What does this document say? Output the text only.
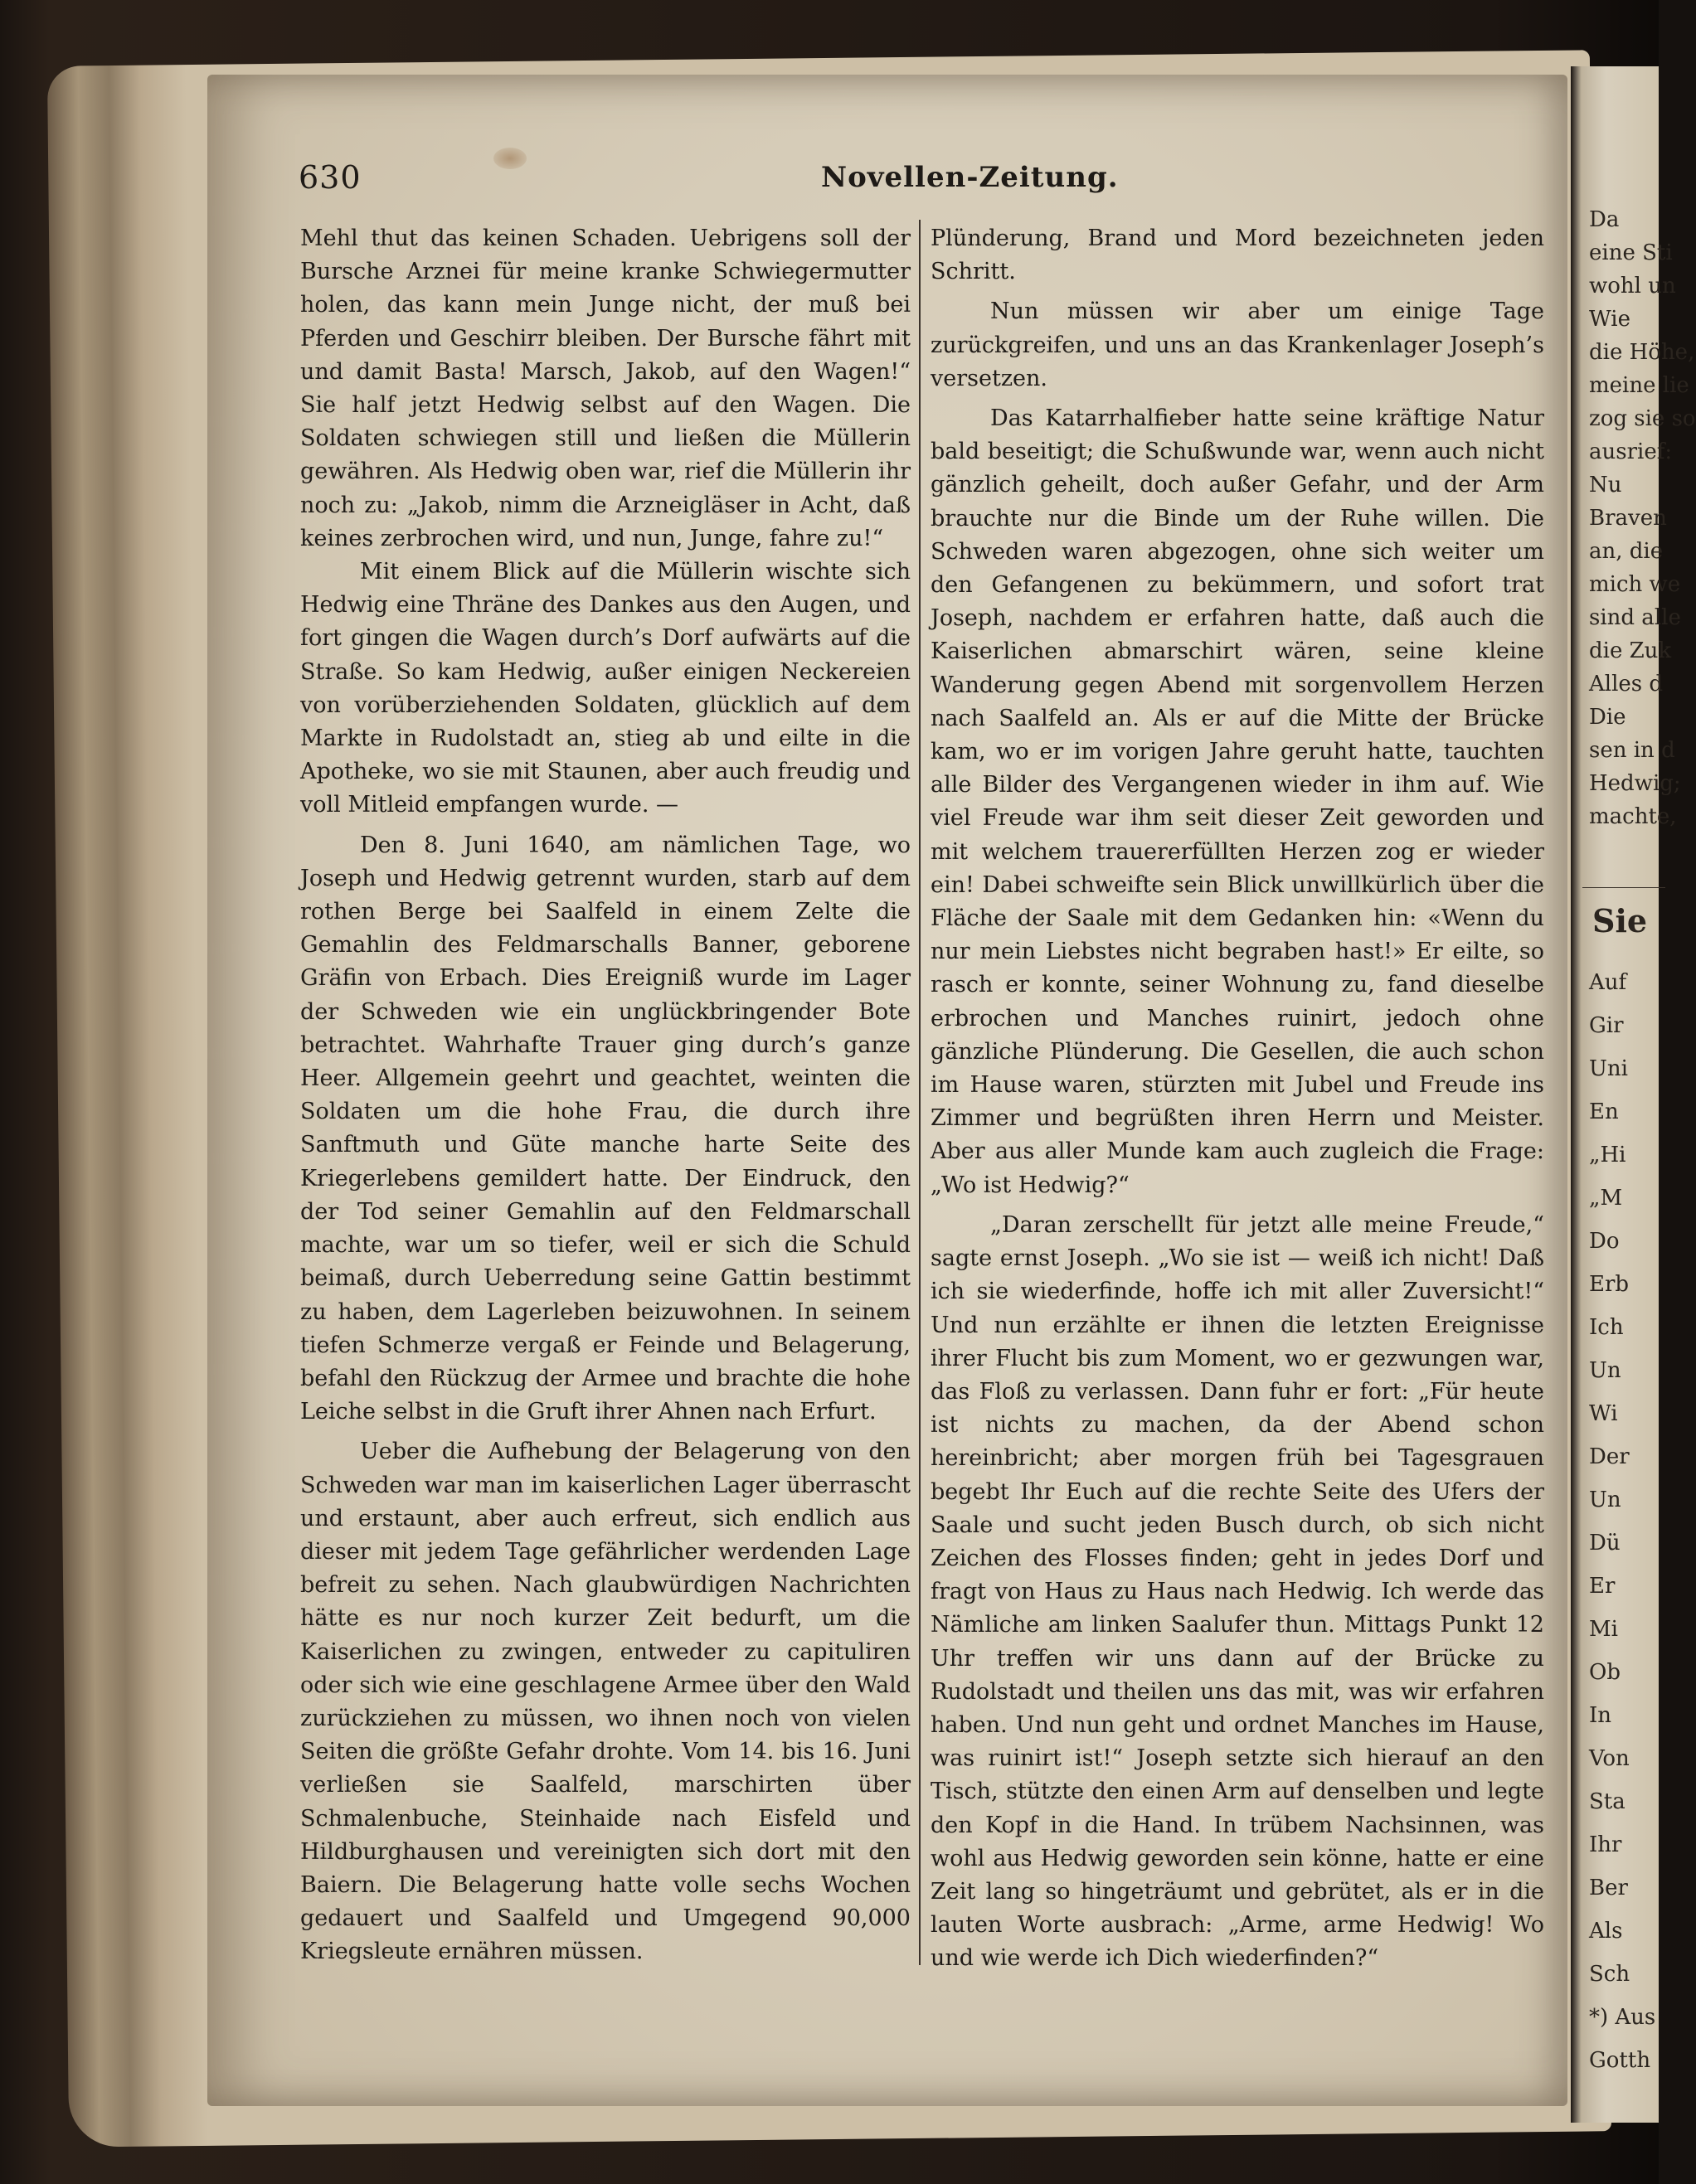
630	Novellen-Zeitung.

Mehl thut das keinen Schaden. Uebrigens soll der Bursche Arznei für meine kranke Schwiegermutter holen, das kann mein Junge nicht, der muß bei Pferden und Geschirr bleiben. Der Bursche fährt mit und damit Basta! Marsch, Jakob, auf den Wagen!“ Sie half jetzt Hedwig selbst auf den Wagen. Die Soldaten schwiegen still und ließen die Müllerin gewähren. Als Hedwig oben war, rief die Müllerin ihr noch zu: „Jakob, nimm die Arzneigläser in Acht, daß keines zerbrochen wird, und nun, Junge, fahre zu!“

Mit einem Blick auf die Müllerin wischte sich Hedwig eine Thräne des Dankes aus den Augen, und fort gingen die Wagen durch’s Dorf aufwärts auf die Straße. So kam Hedwig, außer einigen Neckereien von vorüberziehenden Soldaten, glücklich auf dem Markte in Rudolstadt an, stieg ab und eilte in die Apotheke, wo sie mit Staunen, aber auch freudig und voll Mitleid empfangen wurde. —

Den 8. Juni 1640, am nämlichen Tage, wo Joseph und Hedwig getrennt wurden, starb auf dem rothen Berge bei Saalfeld in einem Zelte die Gemahlin des Feldmarschalls Banner, geborene Gräfin von Erbach. Dies Ereigniß wurde im Lager der Schweden wie ein unglückbringender Bote betrachtet. Wahrhafte Trauer ging durch’s ganze Heer. Allgemein geehrt und geachtet, weinten die Soldaten um die hohe Frau, die durch ihre Sanftmuth und Güte manche harte Seite des Kriegerlebens gemildert hatte. Der Eindruck, den der Tod seiner Gemahlin auf den Feldmarschall machte, war um so tiefer, weil er sich die Schuld beimaß, durch Ueberredung seine Gattin bestimmt zu haben, dem Lagerleben beizuwohnen. In seinem tiefen Schmerze vergaß er Feinde und Belagerung, befahl den Rückzug der Armee und brachte die hohe Leiche selbst in die Gruft ihrer Ahnen nach Erfurt.

Ueber die Aufhebung der Belagerung von den Schweden war man im kaiserlichen Lager überrascht und erstaunt, aber auch erfreut, sich endlich aus dieser mit jedem Tage gefährlicher werdenden Lage befreit zu sehen. Nach glaubwürdigen Nachrichten hätte es nur noch kurzer Zeit bedurft, um die Kaiserlichen zu zwingen, entweder zu capituliren oder sich wie eine geschlagene Armee über den Wald zurückziehen zu müssen, wo ihnen noch von vielen Seiten die größte Gefahr drohte. Vom 14. bis 16. Juni verließen sie Saalfeld, marschirten über Schmalenbuche, Steinhaide nach Eisfeld und Hildburghausen und vereinigten sich dort mit den Baiern. Die Belagerung hatte volle sechs Wochen gedauert und Saalfeld und Umgegend 90,000 Kriegsleute ernähren müssen.

Plünderung, Brand und Mord bezeichneten jeden Schritt.

Nun müssen wir aber um einige Tage zurückgreifen, und uns an das Krankenlager Joseph’s versetzen.

Das Katarrhalfieber hatte seine kräftige Natur bald beseitigt; die Schußwunde war, wenn auch nicht gänzlich geheilt, doch außer Gefahr, und der Arm brauchte nur die Binde um der Ruhe willen. Die Schweden waren abgezogen, ohne sich weiter um den Gefangenen zu bekümmern, und sofort trat Joseph, nachdem er erfahren hatte, daß auch die Kaiserlichen abmarschirt wären, seine kleine Wanderung gegen Abend mit sorgenvollem Herzen nach Saalfeld an. Als er auf die Mitte der Brücke kam, wo er im vorigen Jahre geruht hatte, tauchten alle Bilder des Vergangenen wieder in ihm auf. Wie viel Freude war ihm seit dieser Zeit geworden und mit welchem trauererfüllten Herzen zog er wieder ein! Dabei schweifte sein Blick unwillkürlich über die Fläche der Saale mit dem Gedanken hin: «Wenn du nur mein Liebstes nicht begraben hast!» Er eilte, so rasch er konnte, seiner Wohnung zu, fand dieselbe erbrochen und Manches ruinirt, jedoch ohne gänzliche Plünderung. Die Gesellen, die auch schon im Hause waren, stürzten mit Jubel und Freude ins Zimmer und begrüßten ihren Herrn und Meister. Aber aus aller Munde kam auch zugleich die Frage: „Wo ist Hedwig?“

„Daran zerschellt für jetzt alle meine Freude,“ sagte ernst Joseph. „Wo sie ist — weiß ich nicht! Daß ich sie wiederfinde, hoffe ich mit aller Zuversicht!“ Und nun erzählte er ihnen die letzten Ereignisse ihrer Flucht bis zum Moment, wo er gezwungen war, das Floß zu verlassen. Dann fuhr er fort: „Für heute ist nichts zu machen, da der Abend schon hereinbricht; aber morgen früh bei Tagesgrauen begebt Ihr Euch auf die rechte Seite des Ufers der Saale und sucht jeden Busch durch, ob sich nicht Zeichen des Flosses finden; geht in jedes Dorf und fragt von Haus zu Haus nach Hedwig. Ich werde das Nämliche am linken Saalufer thun. Mittags Punkt 12 Uhr treffen wir uns dann auf der Brücke zu Rudolstadt und theilen uns das mit, was wir erfahren haben. Und nun geht und ordnet Manches im Hause, was ruinirt ist!“ Joseph setzte sich hierauf an den Tisch, stützte den einen Arm auf denselben und legte den Kopf in die Hand. In trübem Nachsinnen, was wohl aus Hedwig geworden sein könne, hatte er eine Zeit lang so hingeträumt und gebrütet, als er in die lauten Worte ausbrach: „Arme, arme Hedwig! Wo und wie werde ich Dich wiederfinden?“

Sie
Da
eine Sti
wohl un
Wie
die Höhe,
meine lie
zog sie so
ausrief:
Nu
Braven
an, die
mich we
sind alle
die Zuk
Alles d
Die
sen in d
Hedwig;
machte,
Auf
Gir
Uni
En
„Hi
„M
Do
Erb
Ich
Un
Wi
Der
Un
Dü
Er
Mi
Ob
In
Von
Sta
Ihr
Ber
Als
Sch
*) Aus
Gotth
